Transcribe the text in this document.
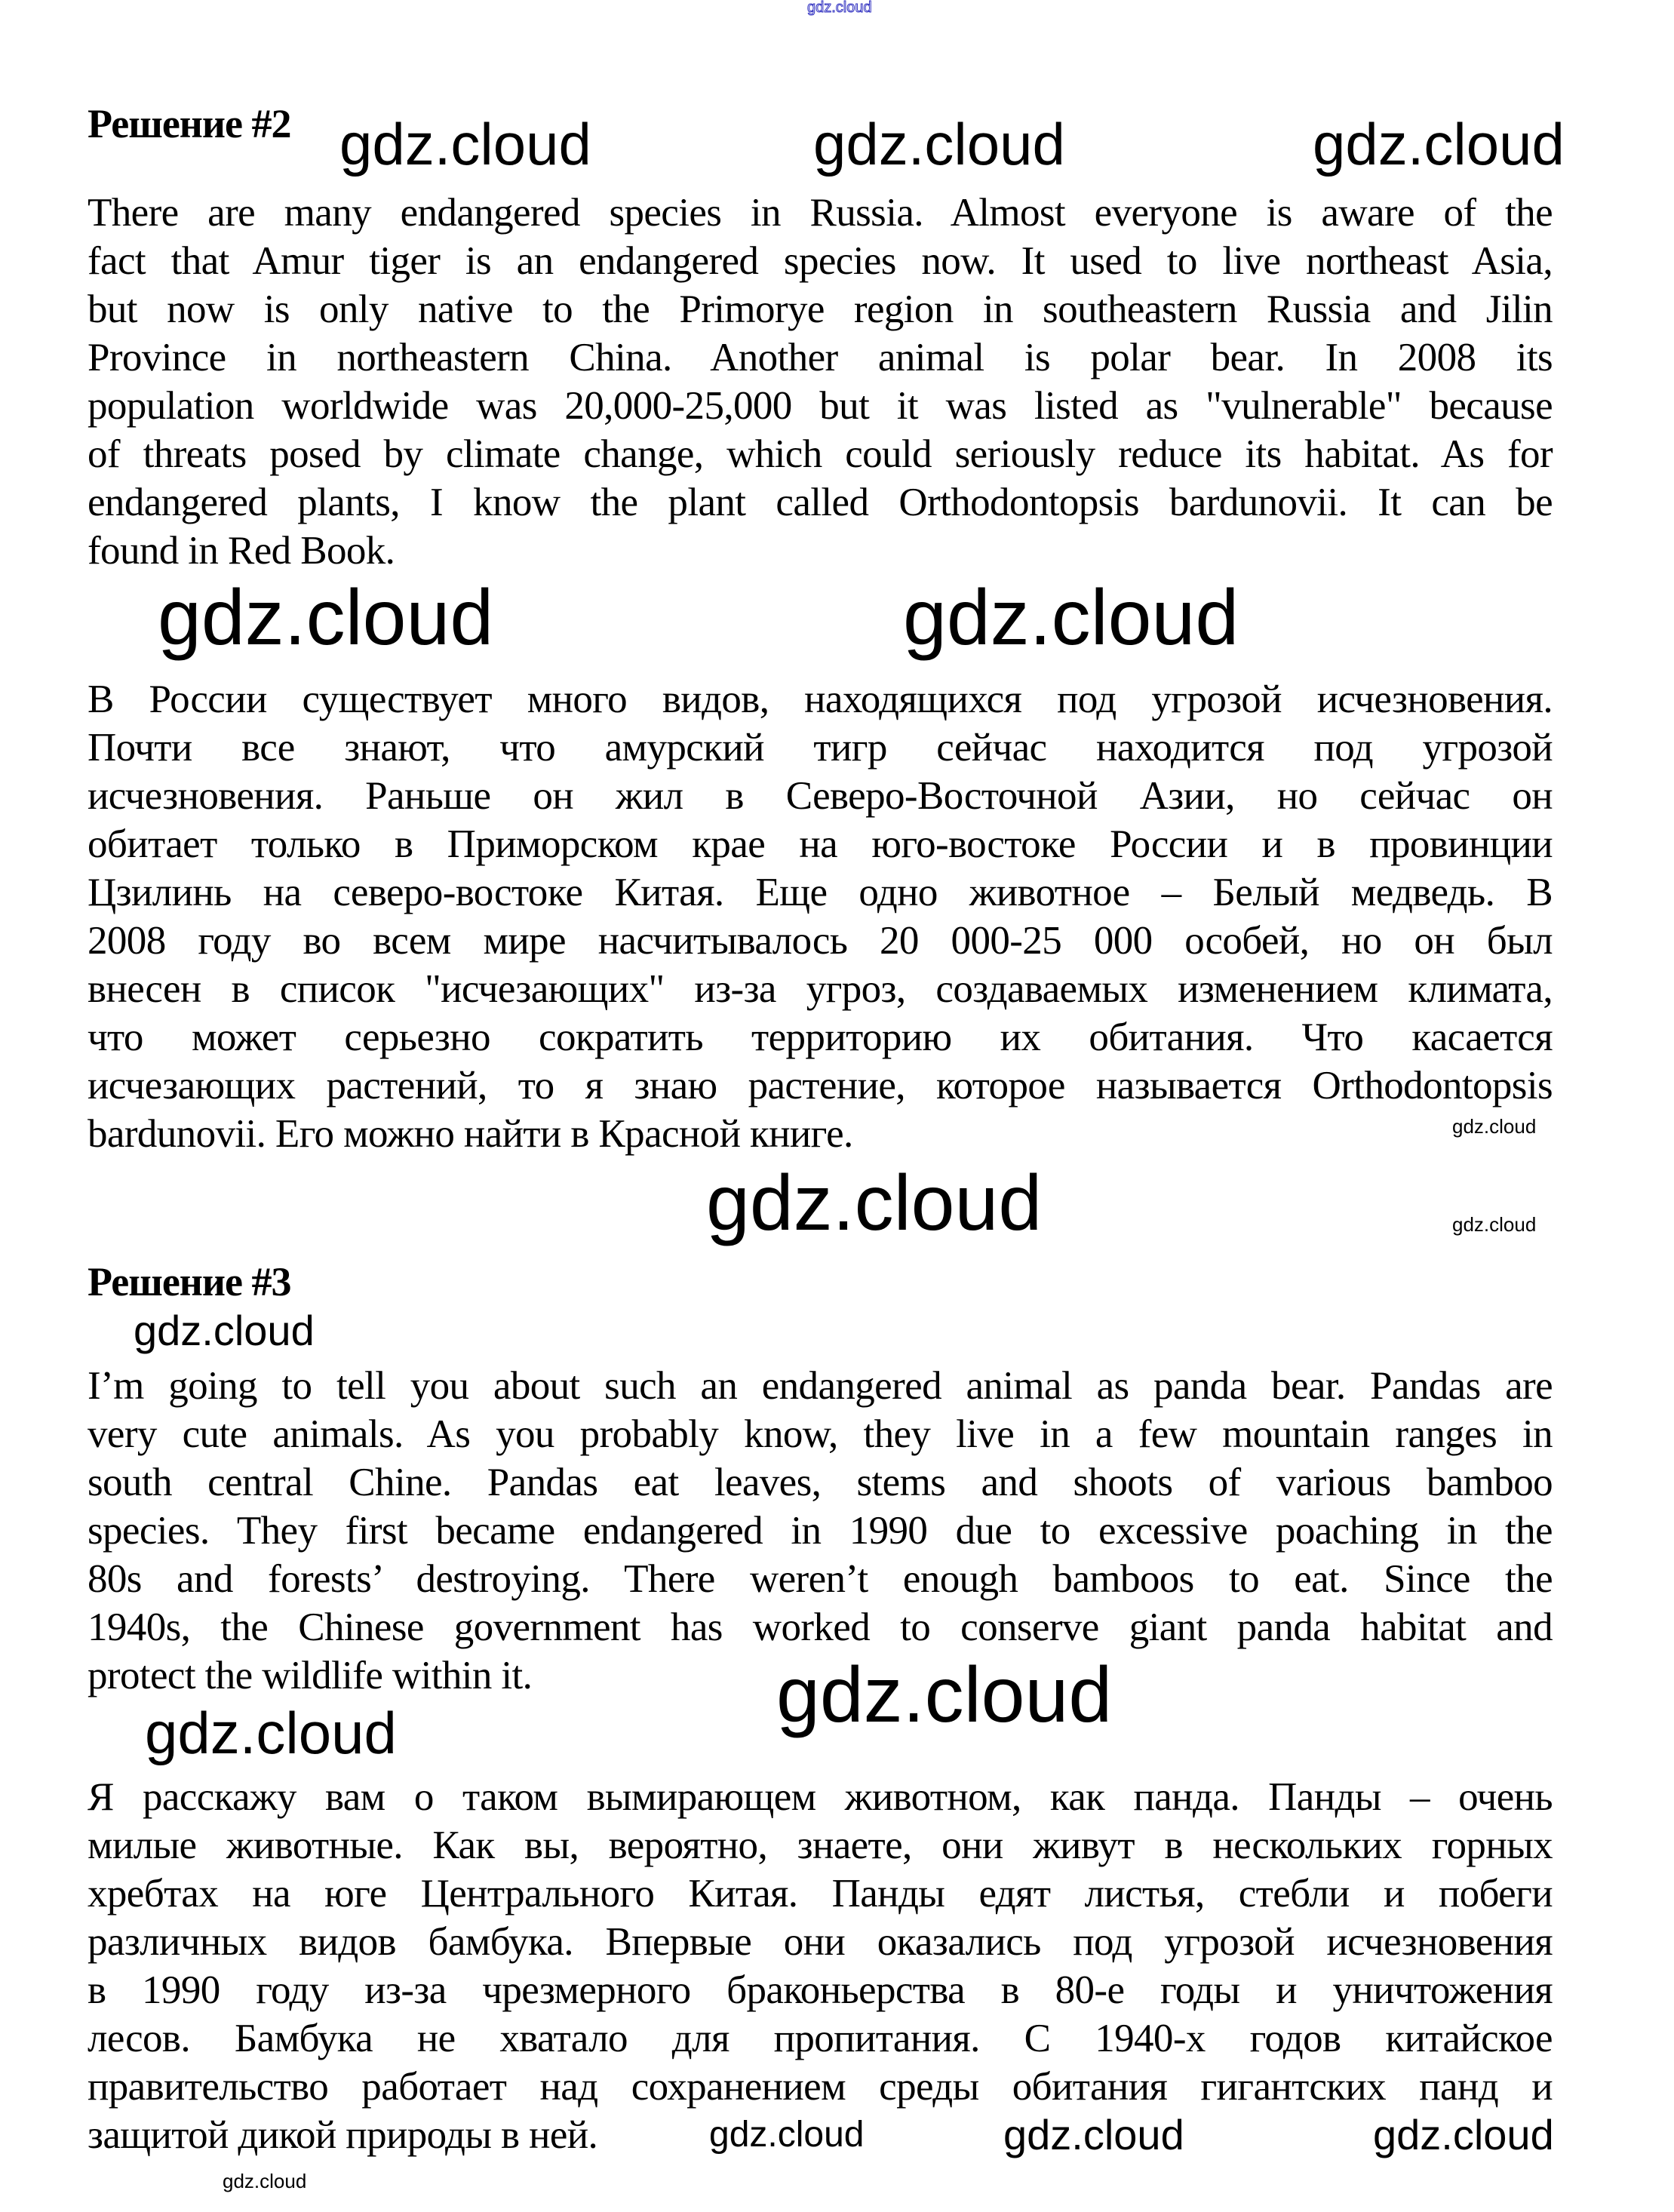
Решение #2
There are many endangered species in Russia. Almost everyone is aware of the
fact that Amur tiger is an endangered species now. It used to live northeast Asia,
but now is only native to the Primorye region in southeastern Russia and Jilin
Province in northeastern China. Another animal is polar bear. In 2008 its
population worldwide was 20,000-25,000 but it was listed as "vulnerable" because
of threats posed by climate change, which could seriously reduce its habitat. As for
endangered plants, I know the plant called Orthodontopsis bardunovii. It can be
found in Red Book.
В России существует много видов, находящихся под угрозой исчезновения.
Почти все знают, что амурский тигр сейчас находится под угрозой
исчезновения. Раньше он жил в Северо-Восточной Азии, но сейчас он
обитает только в Приморском крае на юго-востоке России и в провинции
Цзилинь на северо-востоке Китая. Еще одно животное – Белый медведь. В
2008 году во всем мире насчитывалось 20 000-25 000 особей, но он был
внесен в список "исчезающих" из-за угроз, создаваемых изменением климата,
что может серьезно сократить территорию их обитания. Что касается
исчезающих растений, то я знаю растение, которое называется Orthodontopsis
bardunovii. Его можно найти в Красной книге.
Решение #3
I’m going to tell you about such an endangered animal as panda bear. Pandas are
very cute animals. As you probably know, they live in a few mountain ranges in
south central Chine. Pandas eat leaves, stems and shoots of various bamboo
species. They first became endangered in 1990 due to excessive poaching in the
80s and forests’ destroying. There weren’t enough bamboos to eat. Since the
1940s, the Chinese government has worked to conserve giant panda habitat and
protect the wildlife within it.
Я расскажу вам о таком вымирающем животном, как панда. Панды – очень
милые животные. Как вы, вероятно, знаете, они живут в нескольких горных
хребтах на юге Центрального Китая. Панды едят листья, стебли и побеги
различных видов бамбука. Впервые они оказались под угрозой исчезновения
в 1990 году из-за чрезмерного браконьерства в 80-е годы и уничтожения
лесов. Бамбука не хватало для пропитания. С 1940-х годов китайское
правительство работает над сохранением среды обитания гигантских панд и
защитой дикой природы в ней.
gdz.cloud
gdz.cloud	gdz.cloud	gdz.cloud
gdz.cloud	gdz.cloud
gdz.cloud
gdz.cloud	gdz.cloud
gdz.cloud
gdz.cloud
gdz.cloud
gdz.cloud
gdz.cloud	gdz.cloud	gdz.cloud
